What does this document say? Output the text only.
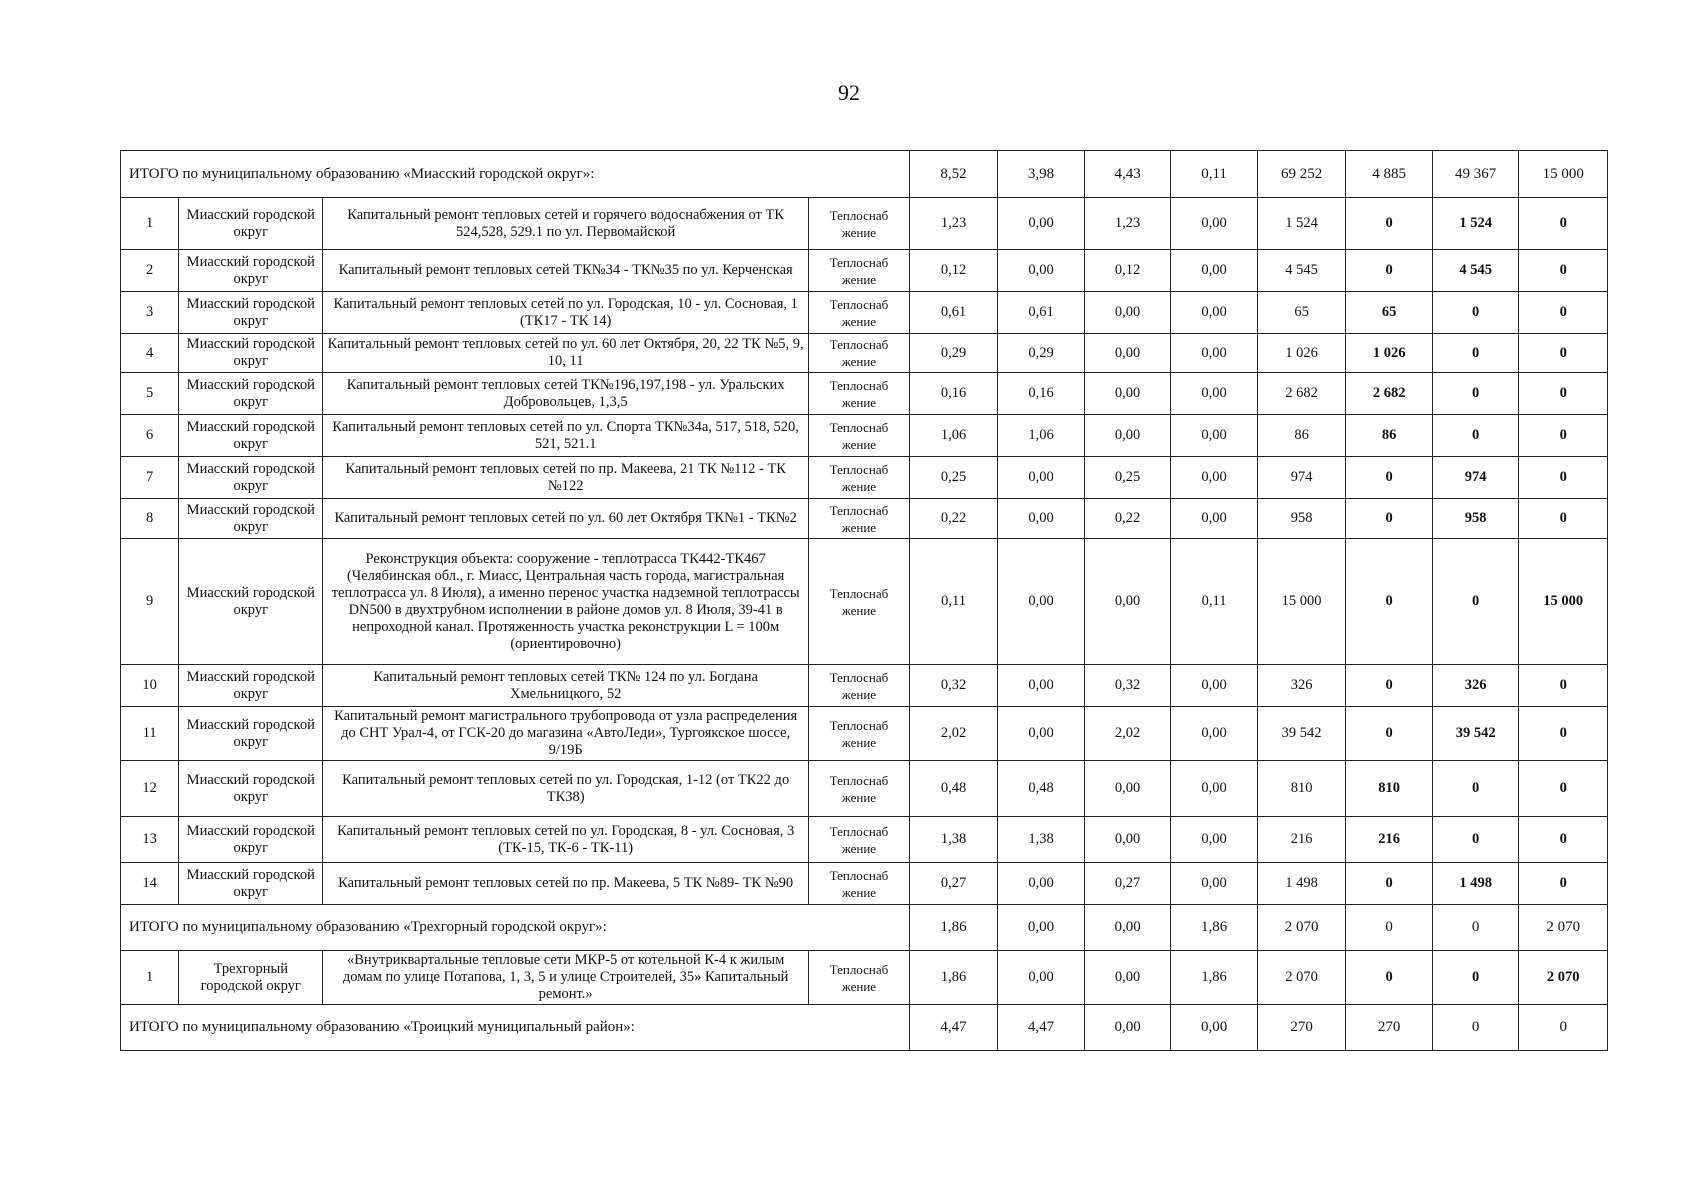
92
ИТОГО по муниципальному образованию «Миасский городской округ»:				8,52	3,98	4,43	0,11	69 252	4 885	49 367	15 000
1	Миасский городской округ	Капитальный ремонт тепловых сетей и горячего водоснабжения от ТК 524,528, 529.1 по ул. Первомайской	Теплоснаб жение	1,23	0,00	1,23	0,00	1 524	0	1 524	0
2	Миасский городской округ	Капитальный ремонт тепловых сетей ТК№34 - ТК№35 по ул. Керченская	Теплоснаб жение	0,12	0,00	0,12	0,00	4 545	0	4 545	0
3	Миасский городской округ	Капитальный ремонт тепловых сетей по ул. Городская, 10 - ул. Сосновая, 1 (ТК17 - ТК 14)	Теплоснаб жение	0,61	0,61	0,00	0,00	65	65	0	0
4	Миасский городской округ	Капитальный ремонт тепловых сетей по ул. 60 лет Октября, 20, 22 ТК №5, 9, 10, 11	Теплоснаб жение	0,29	0,29	0,00	0,00	1 026	1 026	0	0
5	Миасский городской округ	Капитальный ремонт тепловых сетей ТК№196,197,198 - ул. Уральских Добровольцев, 1,3,5	Теплоснаб жение	0,16	0,16	0,00	0,00	2 682	2 682	0	0
6	Миасский городской округ	Капитальный ремонт тепловых сетей по ул. Спорта ТК№34а, 517, 518, 520, 521, 521.1	Теплоснаб жение	1,06	1,06	0,00	0,00	86	86	0	0
7	Миасский городской округ	Капитальный ремонт тепловых сетей по пр. Макеева, 21 ТК №112 - ТК №122	Теплоснаб жение	0,25	0,00	0,25	0,00	974	0	974	0
8	Миасский городской округ	Капитальный ремонт тепловых сетей по ул. 60 лет Октября ТК№1 - ТК№2	Теплоснаб жение	0,22	0,00	0,22	0,00	958	0	958	0
9	Миасский городской округ	Реконструкция объекта: сооружение - теплотрасса ТК442-ТК467 (Челябинская обл., г. Миасс, Центральная часть города, магистральная теплотрасса ул. 8 Июля), а именно перенос участка надземной теплотрассы DN500 в двухтрубном исполнении в районе домов ул. 8 Июля, 39-41 в непроходной канал. Протяженность участка реконструкции L = 100м (ориентировочно)	Теплоснаб жение	0,11	0,00	0,00	0,11	15 000	0	0	15 000
10	Миасский городской округ	Капитальный ремонт тепловых сетей ТК№ 124 по ул. Богдана Хмельницкого, 52	Теплоснаб жение	0,32	0,00	0,32	0,00	326	0	326	0
11	Миасский городской округ	Капитальный ремонт магистрального трубопровода от узла распределения до СНТ Урал-4, от ГСК-20 до магазина «АвтоЛеди», Тургоякское шоссе, 9/19Б	Теплоснаб жение	2,02	0,00	2,02	0,00	39 542	0	39 542	0
12	Миасский городской округ	Капитальный ремонт тепловых сетей по ул. Городская, 1-12 (от ТК22 до ТК38)	Теплоснаб жение	0,48	0,48	0,00	0,00	810	810	0	0
13	Миасский городской округ	Капитальный ремонт тепловых сетей по ул. Городская, 8 - ул. Сосновая, 3 (ТК-15, ТК-6 - ТК-11)	Теплоснаб жение	1,38	1,38	0,00	0,00	216	216	0	0
14	Миасский городской округ	Капитальный ремонт тепловых сетей по пр. Макеева, 5 ТК №89- ТК №90	Теплоснаб жение	0,27	0,00	0,27	0,00	1 498	0	1 498	0
ИТОГО по муниципальному образованию «Трехгорный городской округ»:				1,86	0,00	0,00	1,86	2 070	0	0	2 070
1	Трехгорный городской округ	«Внутриквартальные тепловые сети МКР-5 от котельной К-4 к жилым домам по улице Потапова, 1, 3, 5 и улице Строителей, 35» Капитальный ремонт.»	Теплоснаб жение	1,86	0,00	0,00	1,86	2 070	0	0	2 070
ИТОГО по муниципальному образованию «Троицкий муниципальный район»:				4,47	4,47	0,00	0,00	270	270	0	0
